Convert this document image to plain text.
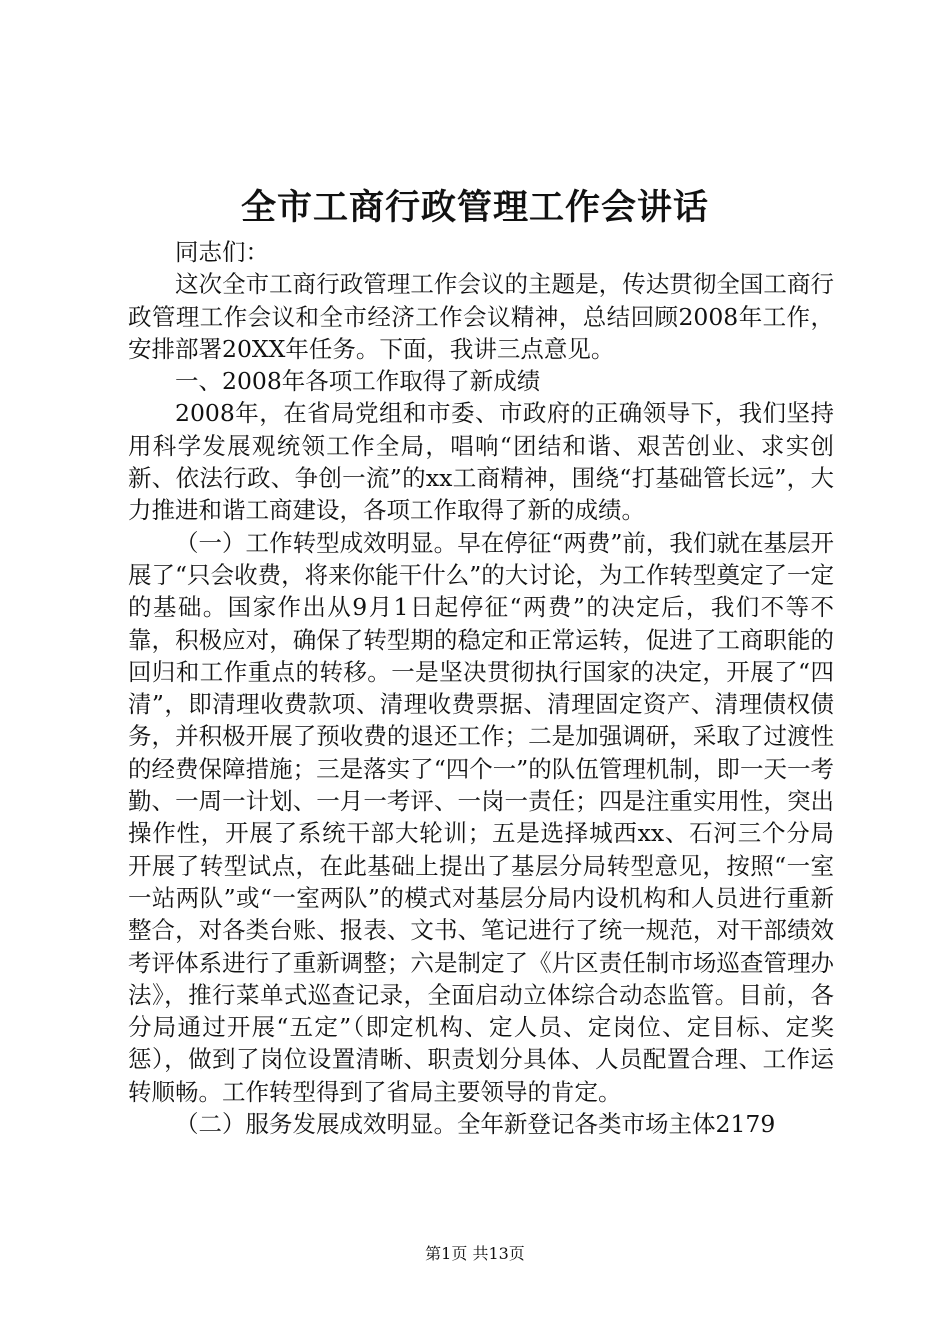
全市工商行政管理工作会讲话

同志们：

这次全市工商行政管理工作会议的主题是，传达贯彻全国工商行政管理工作会议和全市经济工作会议精神，总结回顾2008年工作，安排部署20XX年任务。下面，我讲三点意见。

一、2008年各项工作取得了新成绩

2008年，在省局党组和市委、市政府的正确领导下，我们坚持用科学发展观统领工作全局，唱响“团结和谐、艰苦创业、求实创新、依法行政、争创一流”的xx工商精神，围绕“打基础管长远”，大力推进和谐工商建设，各项工作取得了新的成绩。

（一）工作转型成效明显。早在停征“两费”前，我们就在基层开展了“只会收费，将来你能干什么”的大讨论，为工作转型奠定了一定的基础。国家作出从9月1日起停征“两费”的决定后，我们不等不靠，积极应对，确保了转型期的稳定和正常运转，促进了工商职能的回归和工作重点的转移。一是坚决贯彻执行国家的决定，开展了“四清”，即清理收费款项、清理收费票据、清理固定资产、清理债权债务，并积极开展了预收费的退还工作；二是加强调研，采取了过渡性的经费保障措施；三是落实了“四个一”的队伍管理机制，即一天一考勤、一周一计划、一月一考评、一岗一责任；四是注重实用性，突出操作性，开展了系统干部大轮训；五是选择城西xx、石河三个分局开展了转型试点，在此基础上提出了基层分局转型意见，按照“一室一站两队”或“一室两队”的模式对基层分局内设机构和人员进行重新整合，对各类台账、报表、文书、笔记进行了统一规范，对干部绩效考评体系进行了重新调整；六是制定了《片区责任制市场巡查管理办法》，推行菜单式巡查记录，全面启动立体综合动态监管。目前，各分局通过开展“五定”（即定机构、定人员、定岗位、定目标、定奖惩），做到了岗位设置清晰、职责划分具体、人员配置合理、工作运转顺畅。工作转型得到了省局主要领导的肯定。

（二）服务发展成效明显。全年新登记各类市场主体2179

第1页 共13页
